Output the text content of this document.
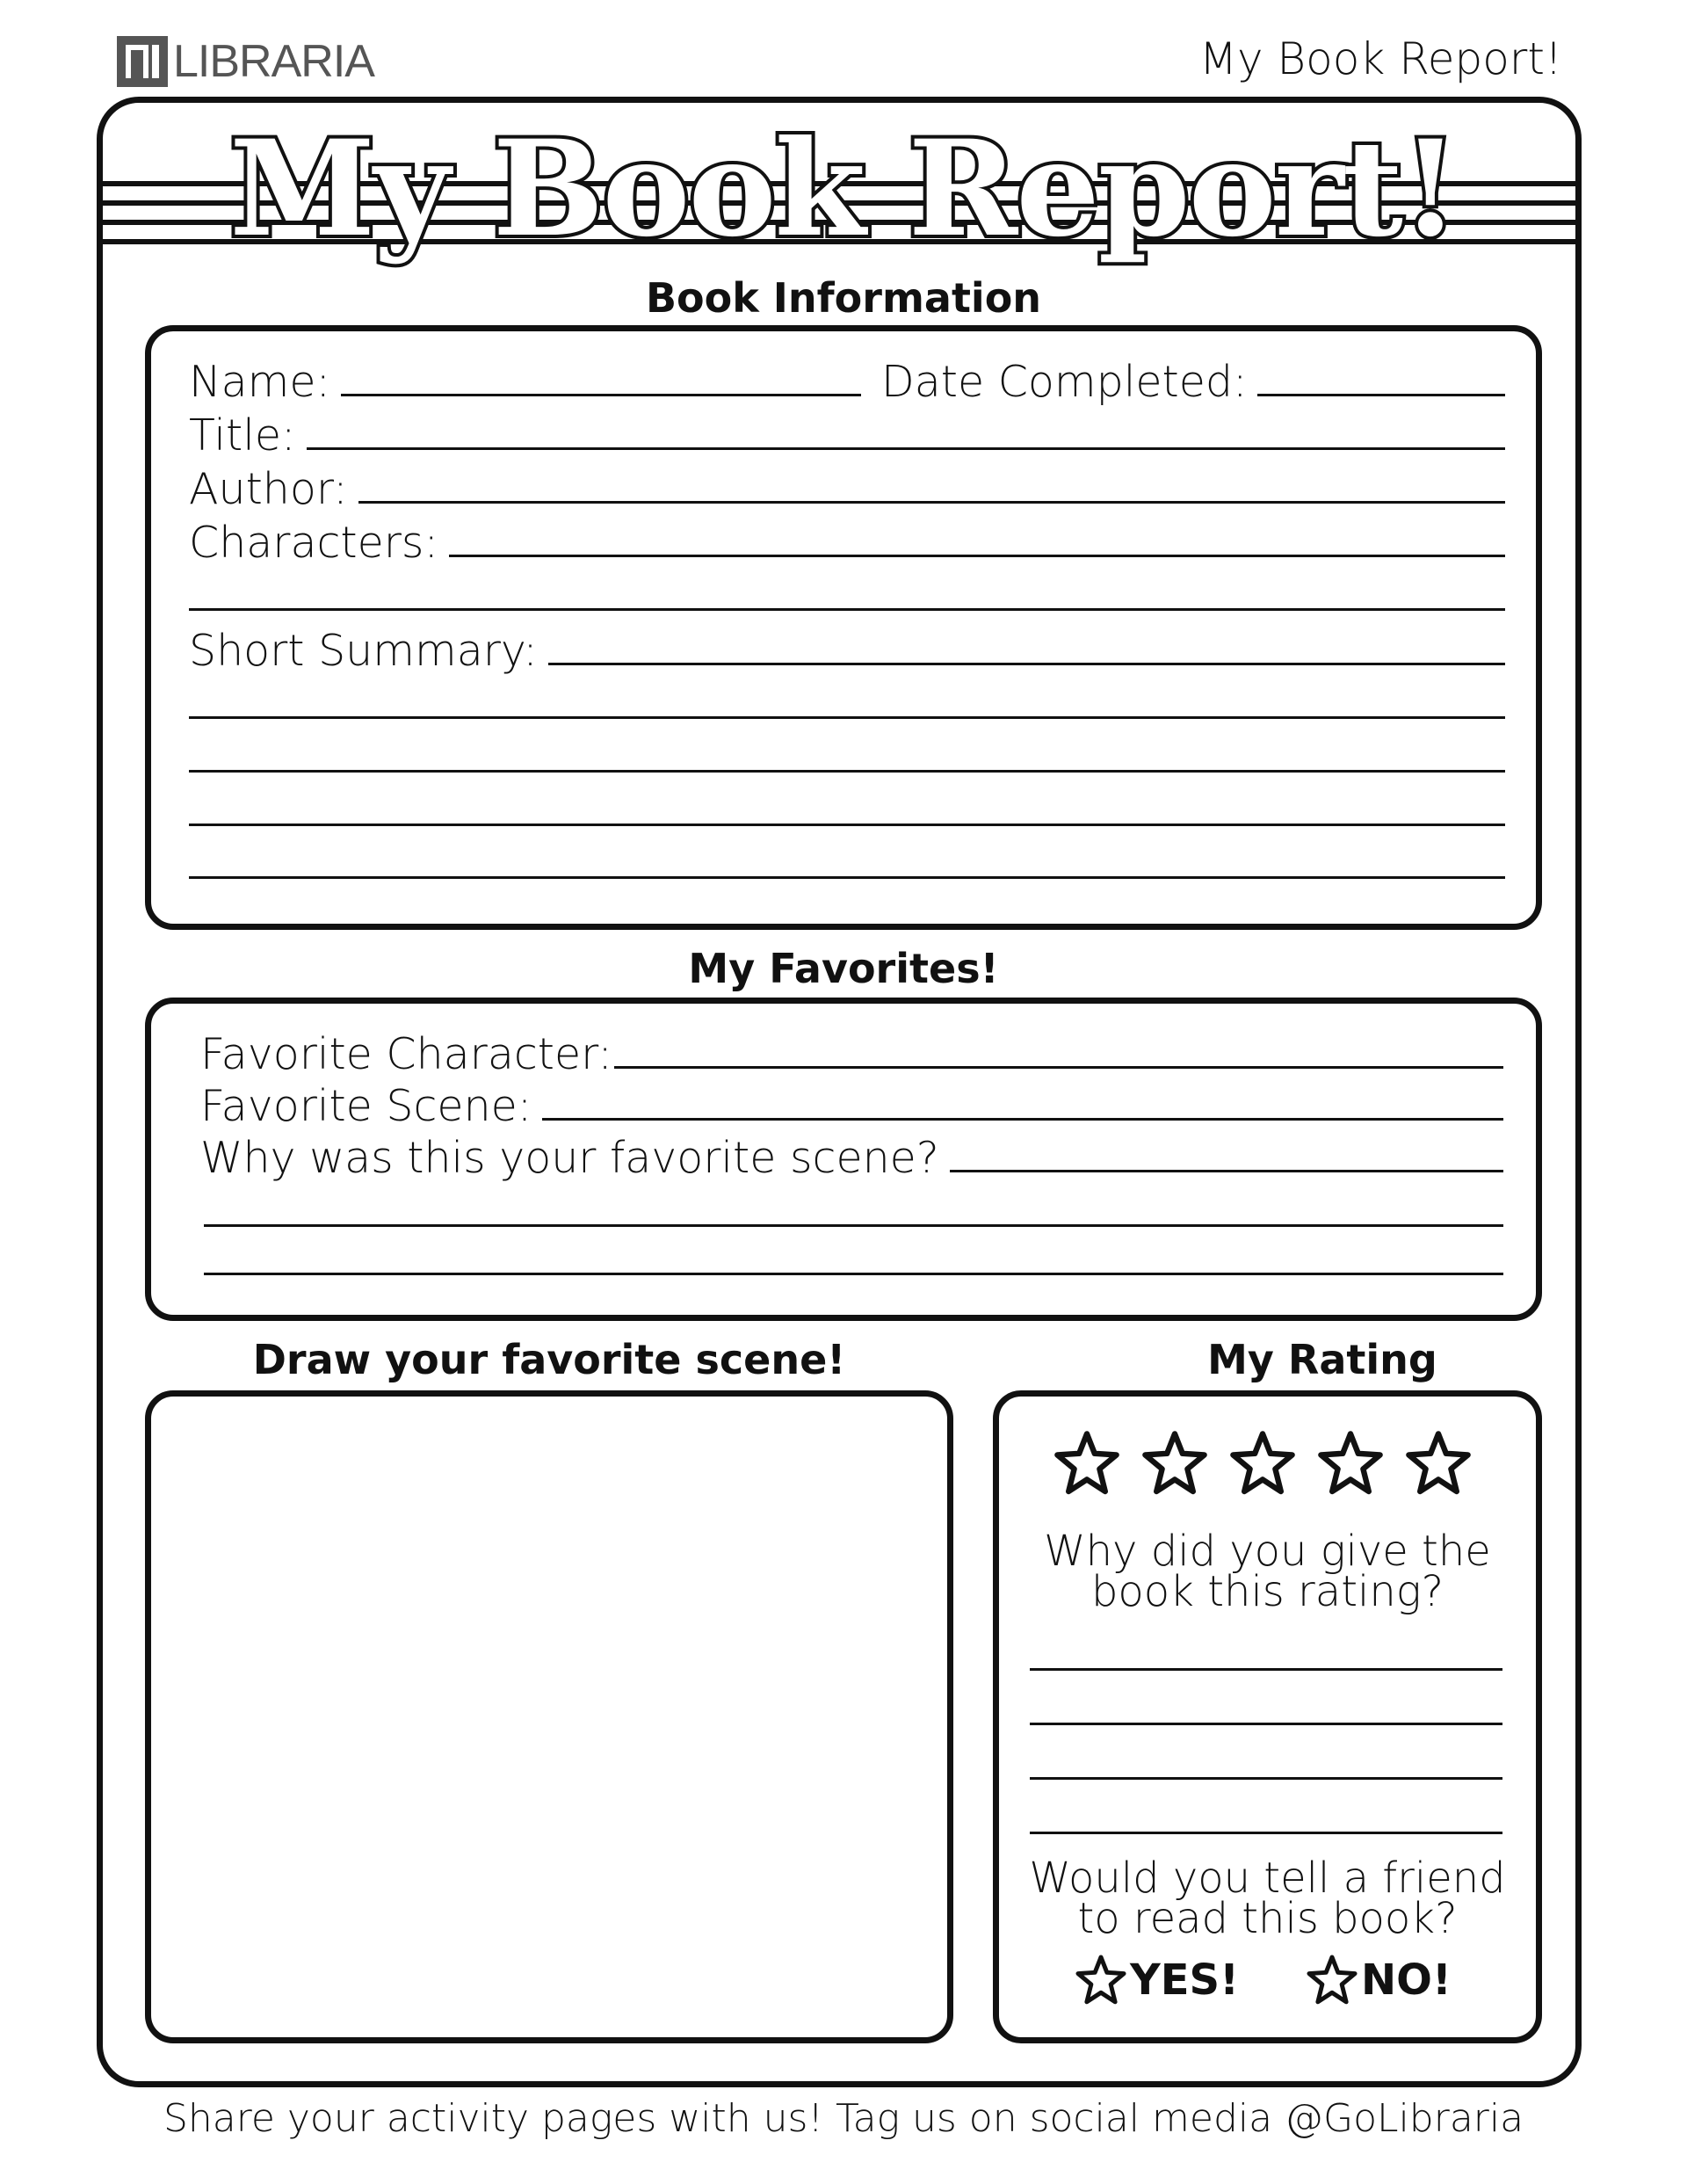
LIBRARIA	My Book Report!
My Book Report!
Book Information
Name:	Date Completed:
Title:
Author:
Characters:
Short Summary:
My Favorites!
Favorite Character:
Favorite Scene:
Why was this your favorite scene?
Draw your favorite scene!	My Rating
Why did you give the
book this rating?
Would you tell a friend
to read this book?
YES!	NO!
Share your activity pages with us! Tag us on social media @GoLibraria
